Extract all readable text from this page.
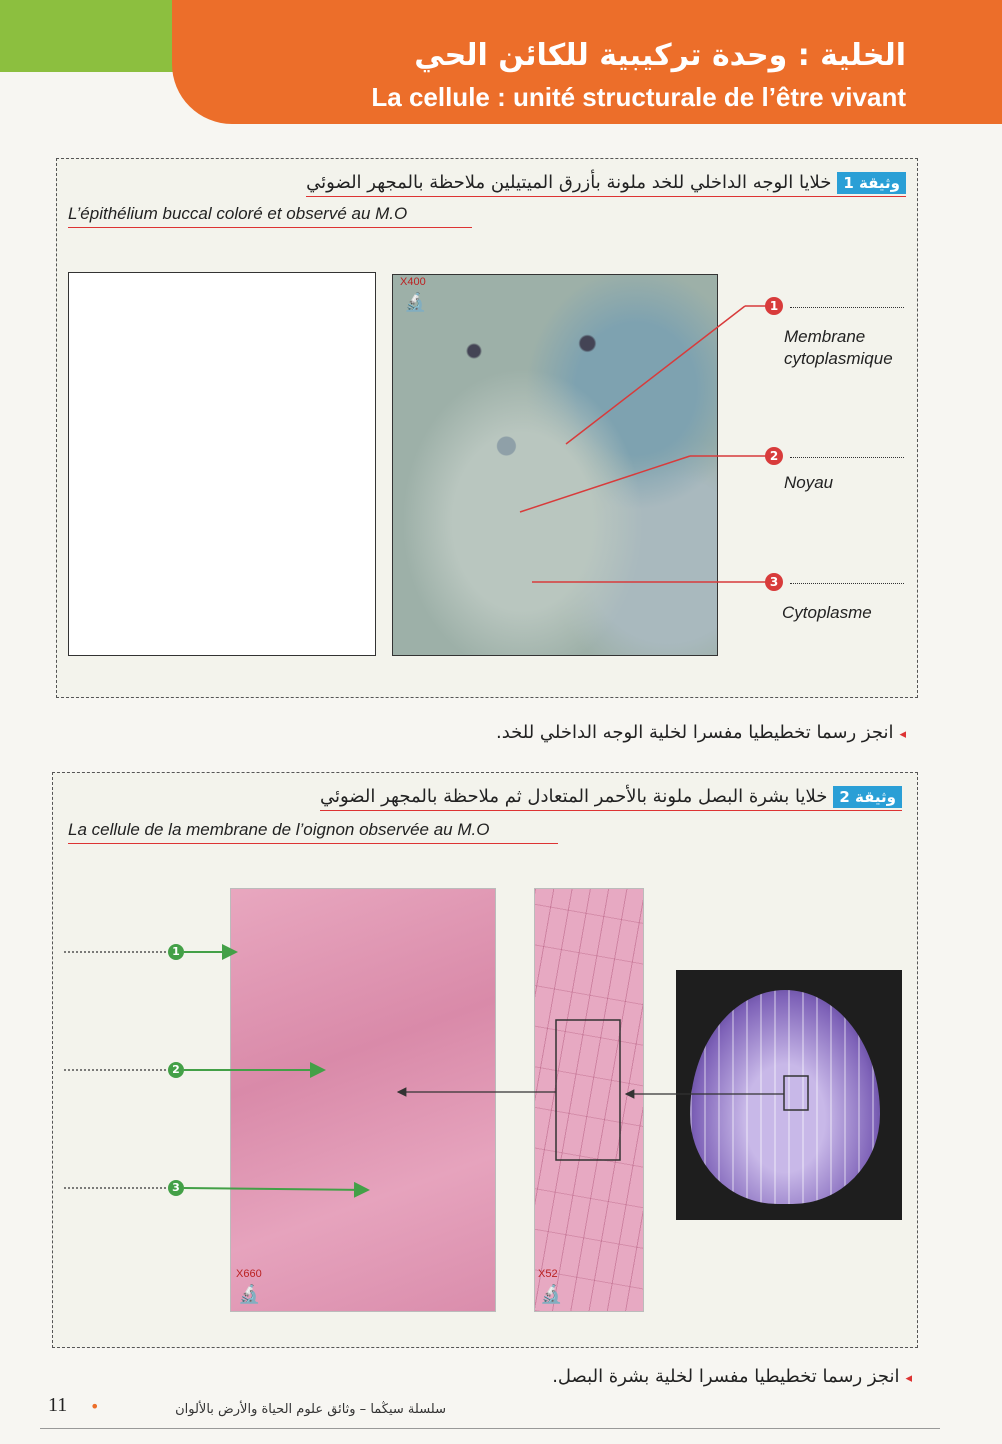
الخلية : وحدة تركيبية للكائن الحي
La cellule : unité structurale de l’être vivant
وثيقة 1خلايا الوجه الداخلي للخد ملونة بأزرق الميتيلين ملاحظة بالمجهر الضوئي
L’épithélium buccal coloré et observé au M.O
X400
🔬	1
Membrane cytoplasmique
2
Noyau
3
Cytoplasme
◂انجز رسما تخطيطيا مفسرا لخلية الوجه الداخلي للخد.
وثيقة 2خلايا بشرة البصل ملونة بالأحمر المتعادل ثم ملاحظة بالمجهر الضوئي
La cellule de la membrane de l’oignon observée au M.O
X660
🔬
X52
🔬
1
2
3
◂انجز رسما تخطيطيا مفسرا لخلية بشرة البصل.
11 •	سلسلة سيڭما – وثائق علوم الحياة والأرض بالألوان
